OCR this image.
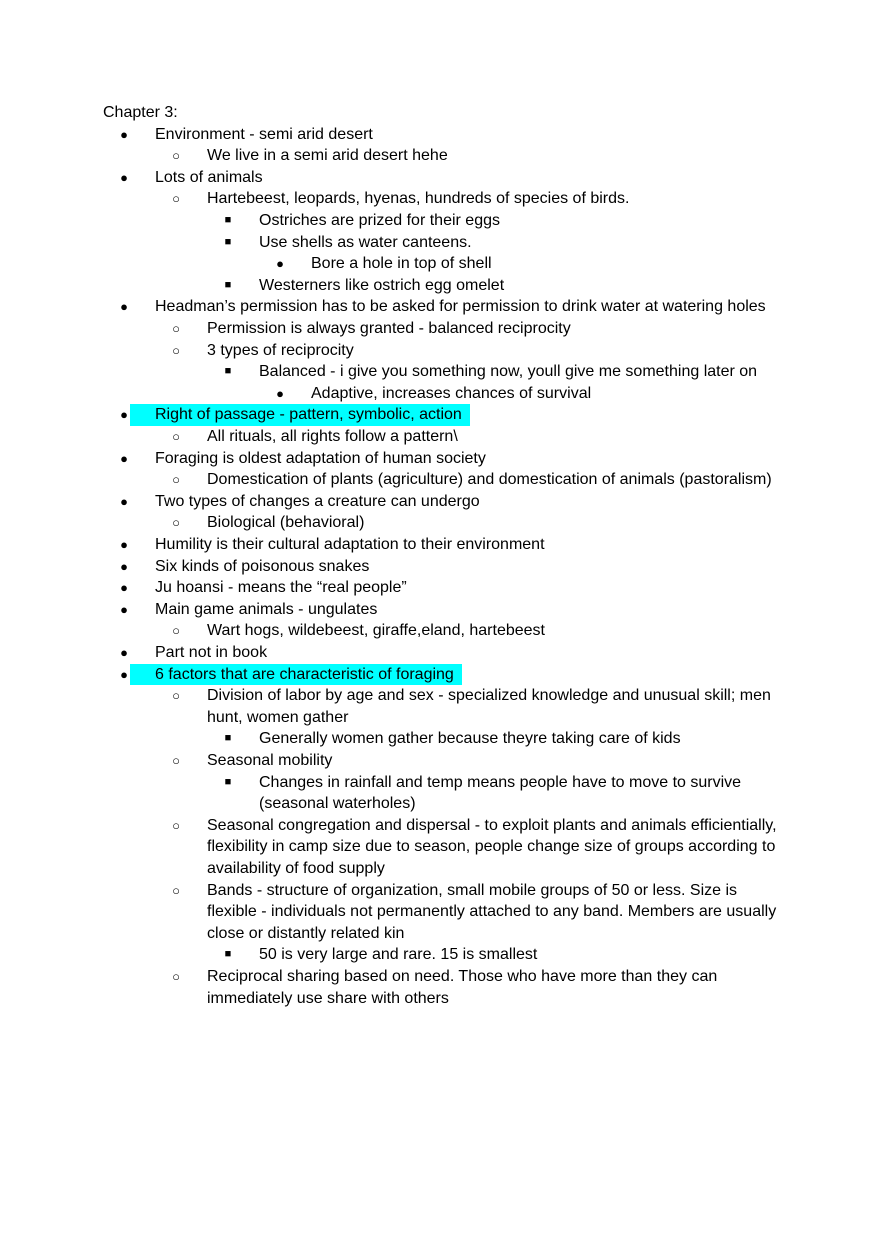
Chapter 3:
●	Environment - semi arid desert
○	We live in a semi arid desert hehe
●	Lots of animals
○	Hartebeest, leopards, hyenas, hundreds of species of birds.
■	Ostriches are prized for their eggs
■	Use shells as water canteens.
●	Bore a hole in top of shell
■	Westerners like ostrich egg omelet
●	Headman’s permission has to be asked for permission to drink water at watering holes
○	Permission is always granted - balanced reciprocity
○	3 types of reciprocity
■	Balanced - i give you something now, youll give me something later on
●	Adaptive, increases chances of survival
●	Right of passage - pattern, symbolic, action
○	All rituals, all rights follow a pattern\
●	Foraging is oldest adaptation of human society
○	Domestication of plants (agriculture) and domestication of animals (pastoralism)
●	Two types of changes a creature can undergo
○	Biological (behavioral)
●	Humility is their cultural adaptation to their environment
●	Six kinds of poisonous snakes
●	Ju hoansi - means the “real people”
●	Main game animals - ungulates
○	Wart hogs, wildebeest, giraffe,eland, hartebeest
●	Part not in book
●	6 factors that are characteristic of foraging
○	Division of labor by age and sex - specialized knowledge and unusual skill; men
hunt, women gather
■	Generally women gather because theyre taking care of kids
○	Seasonal mobility
■	Changes in rainfall and temp means people have to move to survive
(seasonal waterholes)
○	Seasonal congregation and dispersal - to exploit plants and animals efficientially,
flexibility in camp size due to season, people change size of groups according to
availability of food supply
○	Bands - structure of organization, small mobile groups of 50 or less. Size is
flexible - individuals not permanently attached to any band. Members are usually
close or distantly related kin
■	50 is very large and rare. 15 is smallest
○	Reciprocal sharing based on need. Those who have more than they can
immediately use share with others
